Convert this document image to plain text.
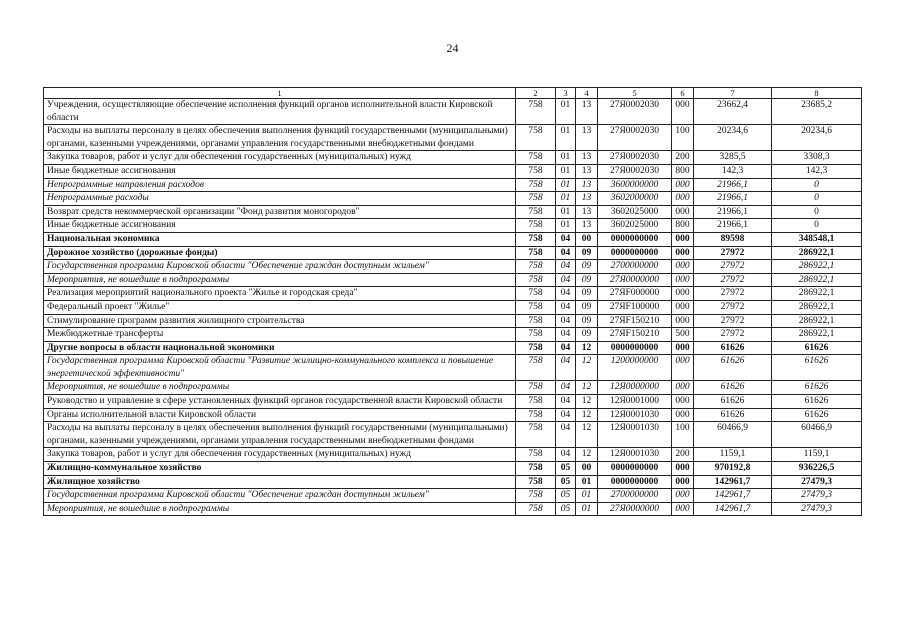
24
1	2	3	4	5	6	7	8
Учреждения, осуществляющие обеспечение исполнения функций органов исполнительной власти Кировской области	758	01	13	27Я0002030	000	23662,4	23685,2
Расходы на выплаты персоналу в целях обеспечения выполнения функций государственными (муниципальными) органами, казенными учреждениями, органами управления государственными внебюджетными фондами	758	01	13	27Я0002030	100	20234,6	20234,6
Закупка товаров, работ и услуг для обеспечения государственных (муниципальных) нужд	758	01	13	27Я0002030	200	3285,5	3308,3
Иные бюджетные ассигнования	758	01	13	27Я0002030	800	142,3	142,3
Непрограммные направления расходов	758	01	13	3600000000	000	21966,1	0
Непрограммные расходы	758	01	13	3602000000	000	21966,1	0
Возврат средств некоммерческой организации "Фонд развития моногородов"	758	01	13	3602025000	000	21966,1	0
Иные бюджетные ассигнования	758	01	13	3602025000	800	21966,1	0
Национальная экономика	758	04	00	0000000000	000	89598	348548,1
Дорожное хозяйство (дорожные фонды)	758	04	09	0000000000	000	27972	286922,1
Государственная программа Кировской области "Обеспечение граждан доступным жильем"	758	04	09	2700000000	000	27972	286922,1
Мероприятия, не вошедшие в подпрограммы	758	04	09	27Я0000000	000	27972	286922,1
Реализация мероприятий национального проекта "Жилье и городская среда"	758	04	09	27ЯF000000	000	27972	286922,1
Федеральный проект "Жилье"	758	04	09	27ЯF100000	000	27972	286922,1
Стимулирование программ развития жилищного строительства	758	04	09	27ЯF150210	000	27972	286922,1
Межбюджетные трансферты	758	04	09	27ЯF150210	500	27972	286922,1
Другие вопросы в области национальной экономики	758	04	12	0000000000	000	61626	61626
Государственная программа Кировской области "Развитие жилищно-коммунального комплекса и повышение энергетической эффективности"	758	04	12	1200000000	000	61626	61626
Мероприятия, не вошедшие в подпрограммы	758	04	12	12Я0000000	000	61626	61626
Руководство и управление в сфере установленных функций органов государственной власти Кировской области	758	04	12	12Я0001000	000	61626	61626
Органы исполнительной власти Кировской области	758	04	12	12Я0001030	000	61626	61626
Расходы на выплаты персоналу в целях обеспечения выполнения функций государственными (муниципальными) органами, казенными учреждениями, органами управления государственными внебюджетными фондами	758	04	12	12Я0001030	100	60466,9	60466,9
Закупка товаров, работ и услуг для обеспечения государственных (муниципальных) нужд	758	04	12	12Я0001030	200	1159,1	1159,1
Жилищно-коммунальное хозяйство	758	05	00	0000000000	000	970192,8	936226,5
Жилищное хозяйство	758	05	01	0000000000	000	142961,7	27479,3
Государственная программа Кировской области "Обеспечение граждан доступным жильем"	758	05	01	2700000000	000	142961,7	27479,3
Мероприятия, не вошедшие в подпрограммы	758	05	01	27Я0000000	000	142961,7	27479,3
